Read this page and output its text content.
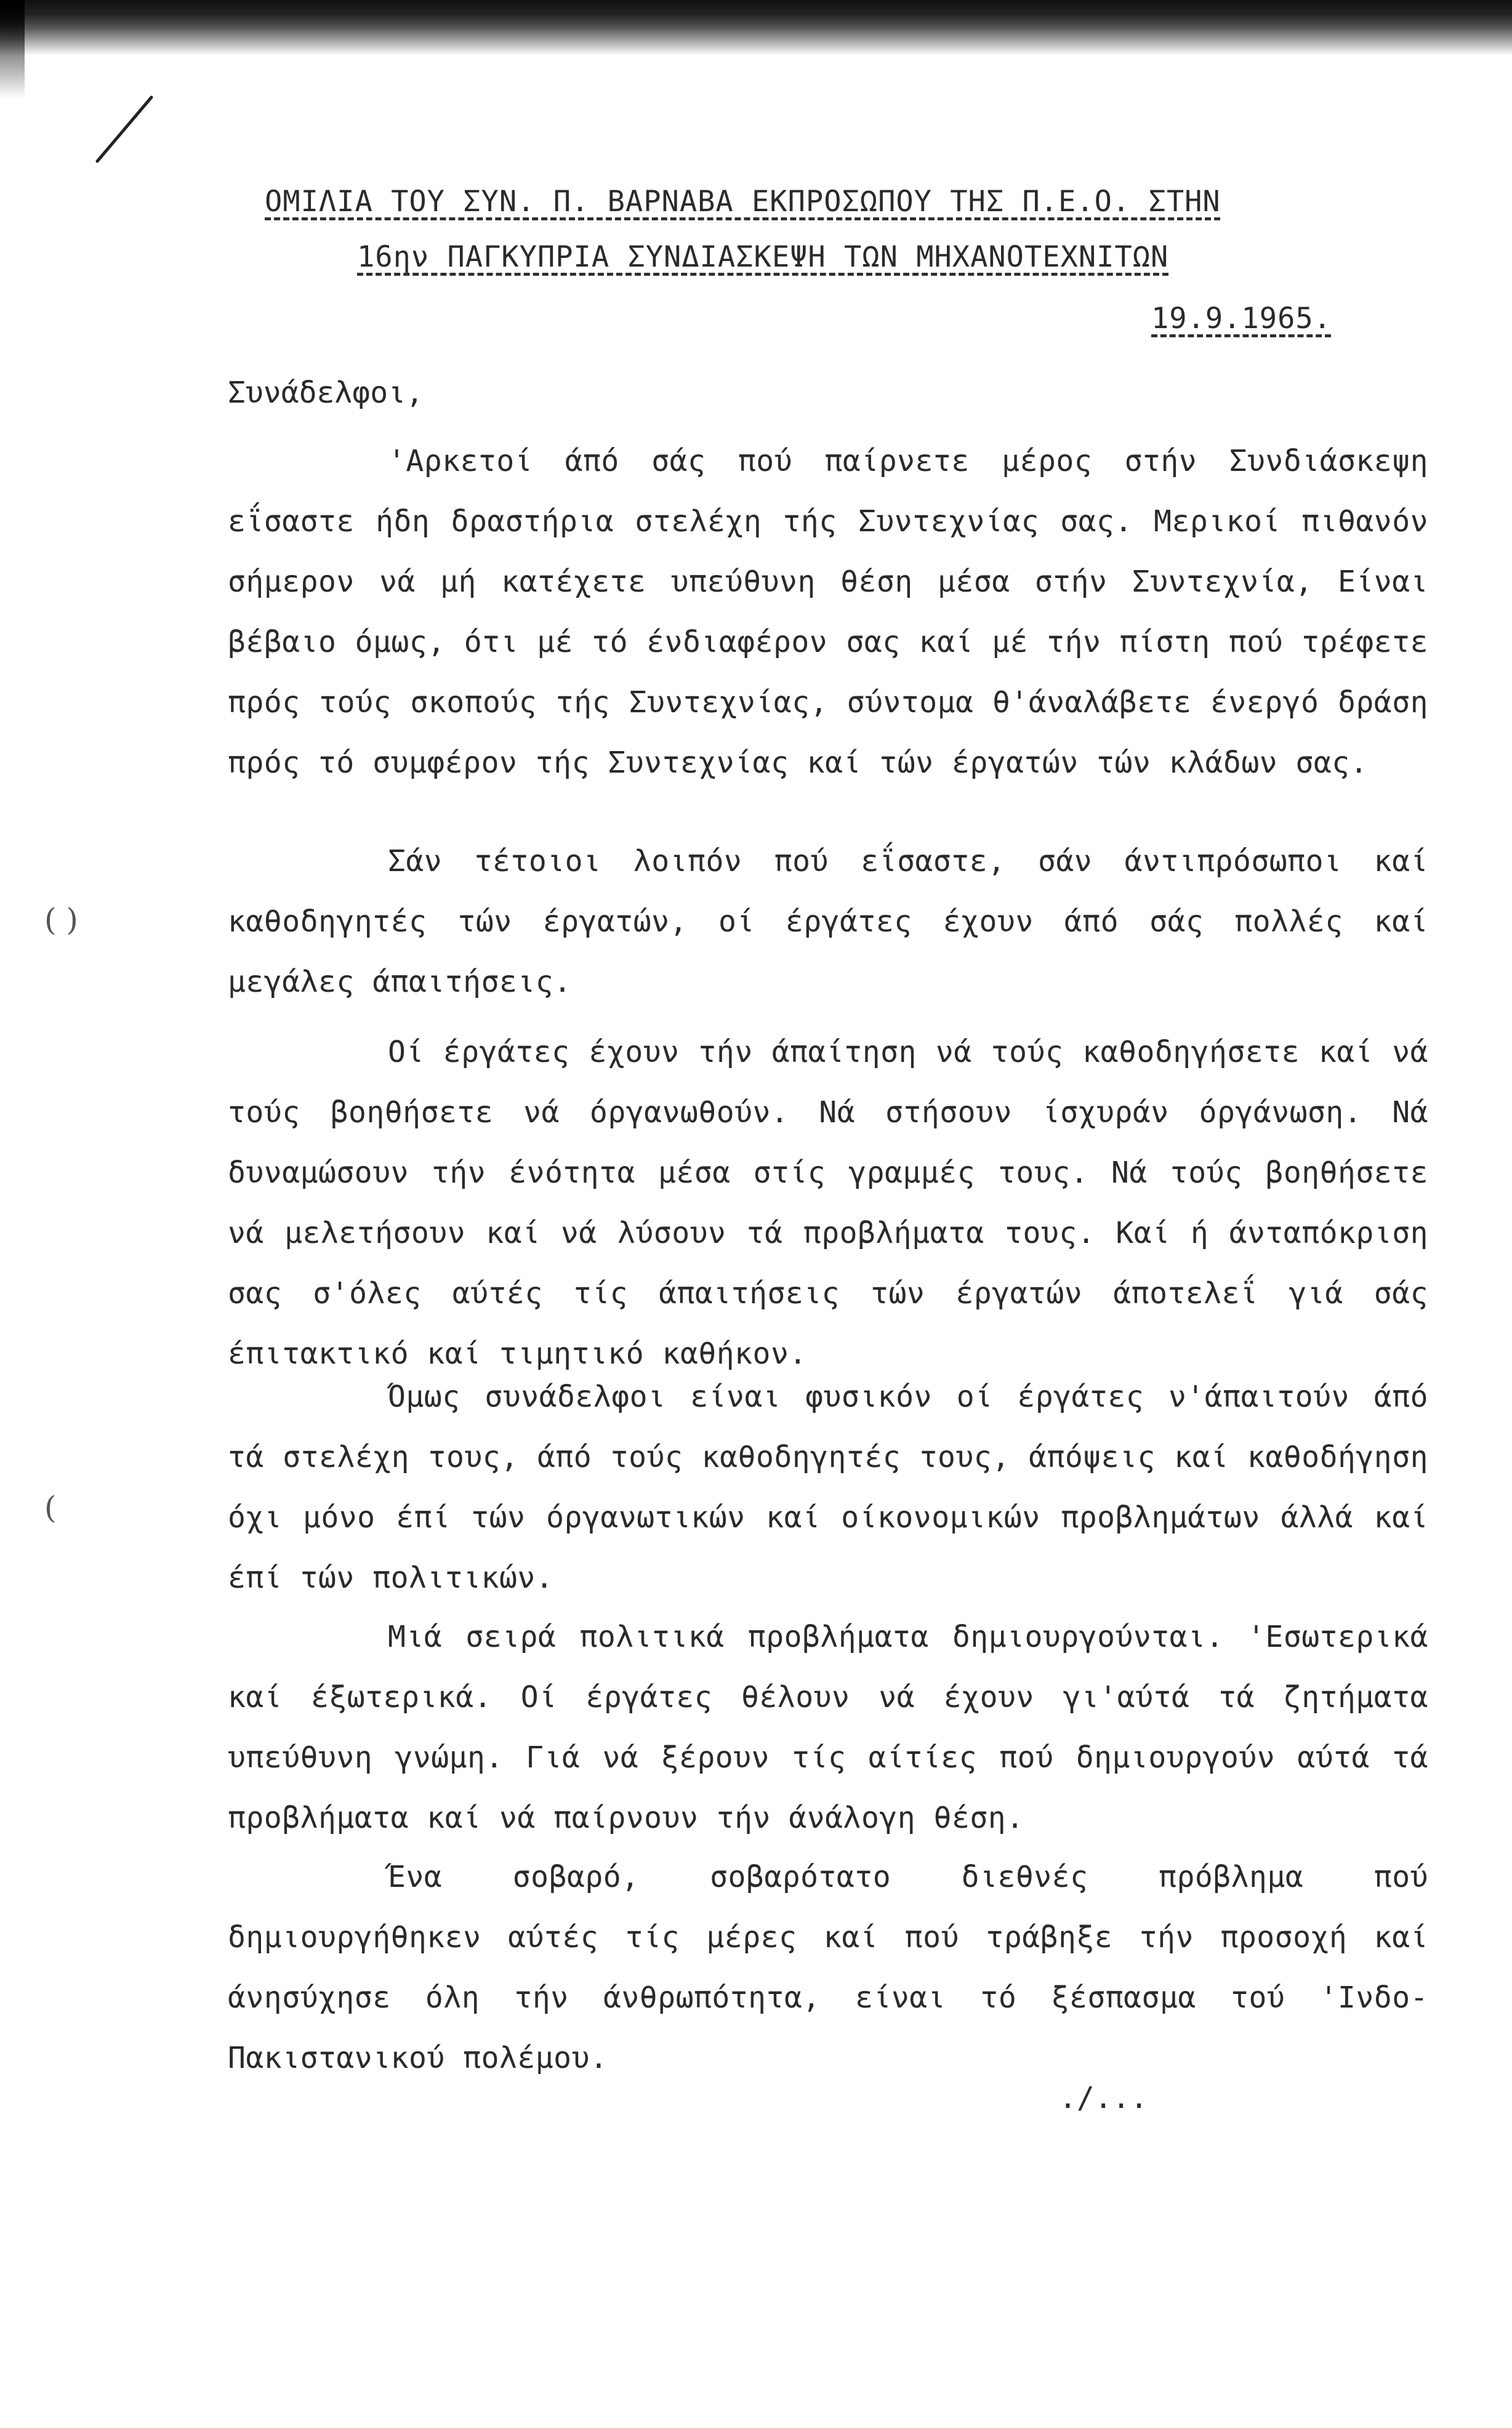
ΟΜΙΛΙΑ ΤΟΥ ΣΥΝ. Π. ΒΑΡΝΑΒΑ ΕΚΠΡΟΣΩΠΟΥ ΤΗΣ Π.Ε.Ο. ΣΤΗΝ
16ην ΠΑΓΚΥΠΡΙΑ ΣΥΝΔΙΑΣΚΕΨΗ ΤΩΝ ΜΗΧΑΝΟΤΕΧΝΙΤΩΝ
19.9.1965.
Συνάδελφοι,
'Αρκετοί άπό σάς πού παίρνετε μέρος στήν Συνδιάσκεψη εΐσαστε ήδη δραστήρια στελέχη τής Συντεχνίας σας. Μερικοί πιθανόν σήμερον νά μή κατέχετε υπεύθυνη θέση μέσα στήν Συντεχνία, Είναι βέβαιο όμως, ότι μέ τό ένδιαφέρον σας καί μέ τήν πίστη πού τρέφετε πρός τούς σκοπούς τής Συντεχνίας, σύντομα θ'άναλάβετε ένεργό δράση πρός τό συμφέρον τής Συντεχνίας καί τών έργατών τών κλάδων σας.
Σάν τέτοιοι λοιπόν πού εΐσαστε, σάν άντιπρόσωποι καί καθοδηγητές τών έργατών, οί έργάτες έχουν άπό σάς πολλές καί μεγάλες άπαιτήσεις.
Οί έργάτες έχουν τήν άπαίτηση νά τούς καθοδηγήσετε καί νά τούς βοηθήσετε νά όργανωθούν. Νά στήσουν ίσχυράν όργάνωση. Νά δυναμώσουν τήν ένότητα μέσα στίς γραμμές τους. Νά τούς βοηθήσετε νά μελετήσουν καί νά λύσουν τά προβλήματα τους. Καί ή άνταπόκριση σας σ'όλες αύτές τίς άπαιτήσεις τών έργατών άποτελεΐ γιά σάς έπιτακτικό καί τιμητικό καθήκον.
Όμως συνάδελφοι είναι φυσικόν οί έργάτες ν'άπαιτούν άπό τά στελέχη τους, άπό τούς καθοδηγητές τους, άπόψεις καί καθοδήγηση όχι μόνο έπί τών όργανωτικών καί οίκονομικών προβλημάτων άλλά καί έπί τών πολιτικών.
Μιά σειρά πολιτικά προβλήματα δημιουργούνται. 'Εσωτερικά καί έξωτερικά. Οί έργάτες θέλουν νά έχουν γι'αύτά τά ζητήματα υπεύθυνη γνώμη. Γιά νά ξέρουν τίς αίτίες πού δημιουργούν αύτά τά προβλήματα καί νά παίρνουν τήν άνάλογη θέση.
Ένα σοβαρό, σοβαρότατο διεθνές πρόβλημα πού δημιουργήθηκεν αύτές τίς μέρες καί πού τράβηξε τήν προσοχή καί άνησύχησε όλη τήν άνθρωπότητα, είναι τό ξέσπασμα τού 'Ινδο-Πακιστανικού πολέμου.
./...
( )
(
